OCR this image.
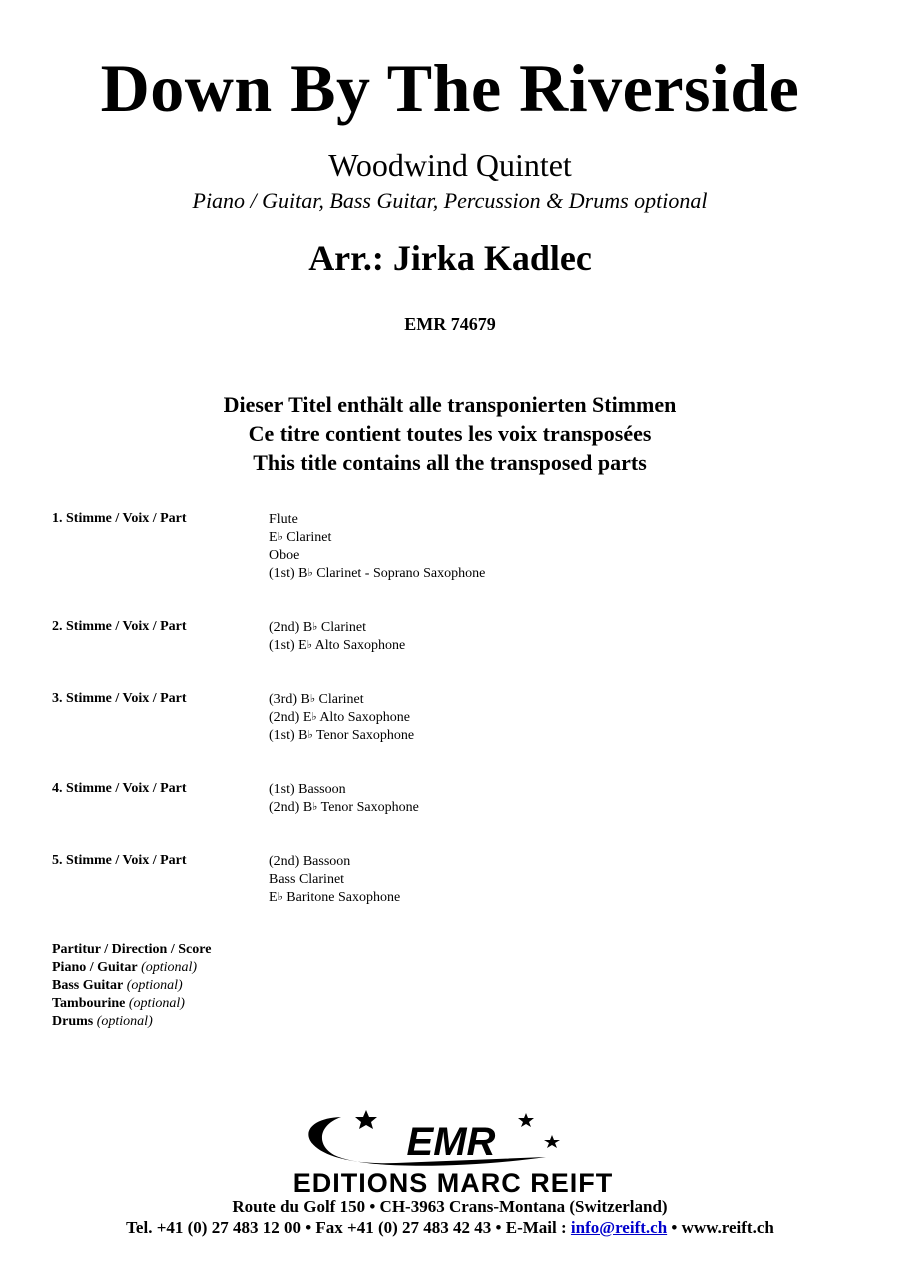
Down By The Riverside
Woodwind Quintet
Piano / Guitar, Bass Guitar, Percussion & Drums optional
Arr.: Jirka Kadlec
EMR 74679
Dieser Titel enthält alle transponierten Stimmen
Ce titre contient toutes les voix transposées
This title contains all the transposed parts
1. Stimme / Voix / Part	Flute
E♭ Clarinet
Oboe
(1st) B♭ Clarinet - Soprano Saxophone
2. Stimme / Voix / Part	(2nd) B♭ Clarinet
(1st) E♭ Alto Saxophone
3. Stimme / Voix / Part	(3rd) B♭ Clarinet
(2nd) E♭ Alto Saxophone
(1st) B♭ Tenor Saxophone
4. Stimme / Voix / Part	(1st) Bassoon
(2nd) B♭ Tenor Saxophone
5. Stimme / Voix / Part	(2nd) Bassoon
Bass Clarinet
E♭ Baritone Saxophone
Partitur / Direction / Score
Piano / Guitar (optional)
Bass Guitar (optional)
Tambourine (optional)
Drums (optional)
EMR
EDITIONS MARC REIFT
Route du Golf 150 • CH-3963 Crans-Montana (Switzerland)
Tel. +41 (0) 27 483 12 00 • Fax +41 (0) 27 483 42 43 • E-Mail : info@reift.ch • www.reift.ch
